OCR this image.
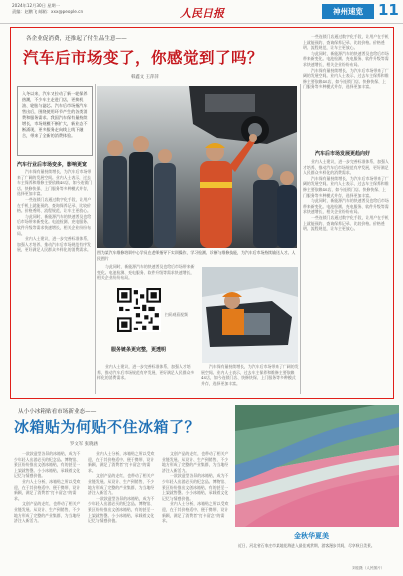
2024年12月30日 星期一
责编：赵鹏飞 邮箱：xxx@people.cn	人民日报	神州速览	11
各企业促消费，还推起了付生品生意——
汽车后市场变了，你感觉到了吗？
韩鑫文 王萍萍
入冬以来，汽车又拉动了新一轮保养热潮，不少车主走进门店，更换机油、轮胎与滤芯。汽车后市场指汽车售出后，围绕使用环节产生的各类消费和服务需求。我国汽车保有量持续增长，市场规模不断扩大，新业态不断涌现，更多服务走向线上线下融合，带来了全新的消费体验。
图为某汽车维修培训中心学员在老师指导下实训操作，学习检测、诊断与维修技能，为汽车后市场持续输送人才。人民图片
汽车行业后市场变多，影响更宽

汽车保有量持续增长，为汽车后市场带来了广阔的发展空间。业内人士表示，过去车主保养和维修主要依赖4S店，如今连锁门店、快修快保、上门服务等多种模式并存，选择更加丰富。

一些连锁门店通过数字化手段，让用户在手机上就能预约、查询保养记录、比较价格。价格透明、流程规范，让车主更放心。

与此同时，新能源汽车的快速普及也给后市场带来新变化。电池检测、充电服务、软件升级等需求快速增长，相关企业纷纷布局。

业内人士建议，进一步完善标准体系，加强人才培养，推动汽车后市场规范有序发展，更好满足人民群众多样化的消费需求。

一些连锁门店通过数字化手段，让用户在手机上就能预约、查询保养记录、比较价格。价格透明、流程规范，让车主更放心。

与此同时，新能源汽车的快速普及也给后市场带来新变化。电池检测、充电服务、软件升级等需求快速增长，相关企业纷纷布局。

汽车保有量持续增长，为汽车后市场带来了广阔的发展空间。业内人士表示，过去车主保养和维修主要依赖4S店，如今连锁门店、快修快保、上门服务等多种模式并存，选择更加丰富。

汽车后市场发展更趋向好

业内人士建议，进一步完善标准体系，加强人才培养，推动汽车后市场规范有序发展，更好满足人民群众多样化的消费需求。

汽车保有量持续增长，为汽车后市场带来了广阔的发展空间。业内人士表示，过去车主保养和维修主要依赖4S店，如今连锁门店、快修快保、上门服务等多种模式并存，选择更加丰富。

与此同时，新能源汽车的快速普及也给后市场带来新变化。电池检测、充电服务、软件升级等需求快速增长，相关企业纷纷布局。

一些连锁门店通过数字化手段，让用户在手机上就能预约、查询保养记录、比较价格。价格透明、流程规范，让车主更放心。

与此同时，新能源汽车的快速普及也给后市场带来新变化。电池检测、充电服务、软件升级等需求快速增长，相关企业纷纷布局。

扫码观看视频

业内人士建议，进一步完善标准体系，加强人才培养，推动汽车后市场规范有序发展，更好满足人民群众多样化的消费需求。

服务链条更完整，更透明

汽车保有量持续增长，为汽车后市场带来了广阔的发展空间。业内人士表示，过去车主保养和维修主要依赖4S店，如今连锁门店、快修快保、上门服务等多种模式并存，选择更加丰富。

从小小冰箱贴看市场新业态——
冰箱贴为何贴不住冰箱了？
罗文军 张晓涵

一款款造型各异的冰箱贴，成为不少年轻人出游必买的纪念品。博物馆、景区纷纷推出文创冰箱贴，有的甚至一上架就售罄。小小冰箱贴，承载着文化记忆与情感价值。

业内人士分析，冰箱贴之所以受欢迎，在于其价格适中、便于携带、设计新颖，满足了消费者“打卡留念”的需求。

文创产品的走红，也带动了相关产业链发展。从设计、生产到销售，不少地方形成了完整的产业集群，为当地经济注入新活力。

业内人士分析，冰箱贴之所以受欢迎，在于其价格适中、便于携带、设计新颖，满足了消费者“打卡留念”的需求。

文创产品的走红，也带动了相关产业链发展。从设计、生产到销售，不少地方形成了完整的产业集群，为当地经济注入新活力。

一款款造型各异的冰箱贴，成为不少年轻人出游必买的纪念品。博物馆、景区纷纷推出文创冰箱贴，有的甚至一上架就售罄。小小冰箱贴，承载着文化记忆与情感价值。

文创产品的走红，也带动了相关产业链发展。从设计、生产到销售，不少地方形成了完整的产业集群，为当地经济注入新活力。

一款款造型各异的冰箱贴，成为不少年轻人出游必买的纪念品。博物馆、景区纷纷推出文创冰箱贴，有的甚至一上架就售罄。小小冰箱贴，承载着文化记忆与情感价值。

业内人士分析，冰箱贴之所以受欢迎，在于其价格适中、便于携带、设计新颖，满足了消费者“打卡留念”的需求。

金秋华夏美
近日，河北省石家庄市某地花海进入最佳观赏期，游客漫步其间，尽享秋日美景。
刘佳摄（人民图片）
